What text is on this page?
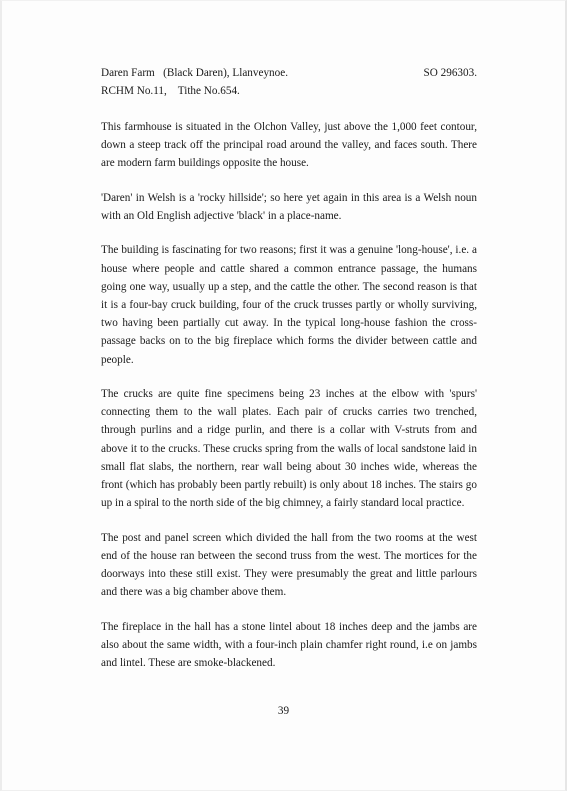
Daren Farm   (Black Daren), Llanveynoe.	SO 296303.
RCHM No.11,    Tithe No.654.

This farmhouse is situated in the Olchon Valley, just above the 1,000 feet contour, down a steep track off the principal road around the valley, and faces south. There are modern farm buildings opposite the house.

'Daren' in Welsh is a 'rocky hillside'; so here yet again in this area is a Welsh noun with an Old English adjective 'black' in a place-name.

The building is fascinating for two reasons; first it was a genuine 'long-house', i.e. a house where people and cattle shared a common entrance passage, the humans going one way, usually up a step, and the cattle the other. The second reason is that it is a four-bay cruck building, four of the cruck trusses partly or wholly surviving, two having been partially cut away. In the typical long-house fashion the cross-passage backs on to the big fireplace which forms the divider between cattle and people.

The crucks are quite fine specimens being 23 inches at the elbow with 'spurs' connecting them to the wall plates. Each pair of crucks carries two trenched, through purlins and a ridge purlin, and there is a collar with V-struts from and above it to the crucks. These crucks spring from the walls of local sandstone laid in small flat slabs, the northern, rear wall being about 30 inches wide, whereas the front (which has probably been partly rebuilt) is only about 18 inches. The stairs go up in a spiral to the north side of the big chimney, a fairly standard local practice.

The post and panel screen which divided the hall from the two rooms at the west end of the house ran between the second truss from the west. The mortices for the doorways into these still exist. They were presumably the great and little parlours and there was a big chamber above them.

The fireplace in the hall has a stone lintel about 18 inches deep and the jambs are also about the same width, with a four-inch plain chamfer right round, i.e on jambs and lintel. These are smoke-blackened.

39
